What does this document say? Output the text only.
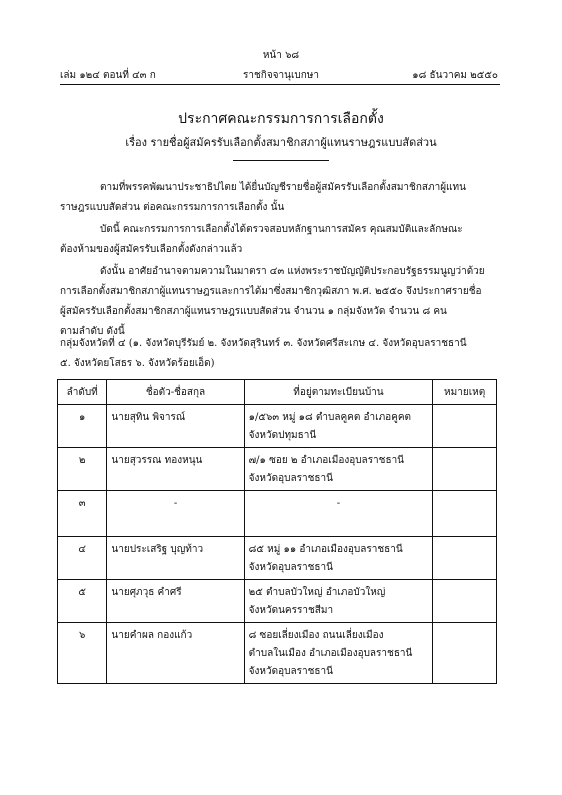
หน้า ๖๘
เล่ม ๑๒๔ ตอนที่ ๔๓ ก	ราชกิจจานุเบกษา	๑๘ ธันวาคม ๒๕๕๐
ประกาศคณะกรรมการการเลือกตั้ง
เรื่อง รายชื่อผู้สมัครรับเลือกตั้งสมาชิกสภาผู้แทนราษฎรแบบสัดส่วน
ตามที่พรรคพัฒนาประชาธิปไตย ได้ยื่นบัญชีรายชื่อผู้สมัครรับเลือกตั้งสมาชิกสภาผู้แทน
ราษฎรแบบสัดส่วน ต่อคณะกรรมการการเลือกตั้ง นั้น
บัดนี้ คณะกรรมการการเลือกตั้งได้ตรวจสอบหลักฐานการสมัคร คุณสมบัติและลักษณะ
ต้องห้ามของผู้สมัครรับเลือกตั้งดังกล่าวแล้ว
ดังนั้น อาศัยอำนาจตามความในมาตรา ๔๓ แห่งพระราชบัญญัติประกอบรัฐธรรมนูญว่าด้วย
การเลือกตั้งสมาชิกสภาผู้แทนราษฎรและการได้มาซึ่งสมาชิกวุฒิสภา พ.ศ. ๒๕๕๐ จึงประกาศรายชื่อ
ผู้สมัครรับเลือกตั้งสมาชิกสภาผู้แทนราษฎรแบบสัดส่วน จำนวน ๑ กลุ่มจังหวัด จำนวน ๘ คน
ตามลำดับ ดังนี้
กลุ่มจังหวัดที่ ๔ (๑. จังหวัดบุรีรัมย์ ๒. จังหวัดสุรินทร์ ๓. จังหวัดศรีสะเกษ ๔. จังหวัดอุบลราชธานี
๕. จังหวัดยโสธร ๖. จังหวัดร้อยเอ็ด)
ลำดับที่	ชื่อตัว-ชื่อสกุล	ที่อยู่ตามทะเบียนบ้าน	หมายเหตุ
๑	นายสุทิน พิจารณ์	๑/๕๖๓ หมู่ ๑๘ ตำบลคูคต อำเภอคูคต
จังหวัดปทุมธานี	

๒	นายสุวรรณ ทองหนุน	๗/๑ ซอย ๒ อำเภอเมืองอุบลราชธานี
จังหวัดอุบลราชธานี	

๓	-	-	

๔	นายประเสริฐ บุญท้าว	๘๕ หมู่ ๑๑ อำเภอเมืองอุบลราชธานี
จังหวัดอุบลราชธานี	

๕	นายศุภวุธ คำศรี	๒๕ ตำบลบัวใหญ่ อำเภอบัวใหญ่
จังหวัดนครราชสีมา	

๖	นายคำผล กองแก้ว	๘ ซอยเลี่ยงเมือง ถนนเลี่ยงเมือง
ตำบลในเมือง อำเภอเมืองอุบลราชธานี
จังหวัดอุบลราชธานี	
